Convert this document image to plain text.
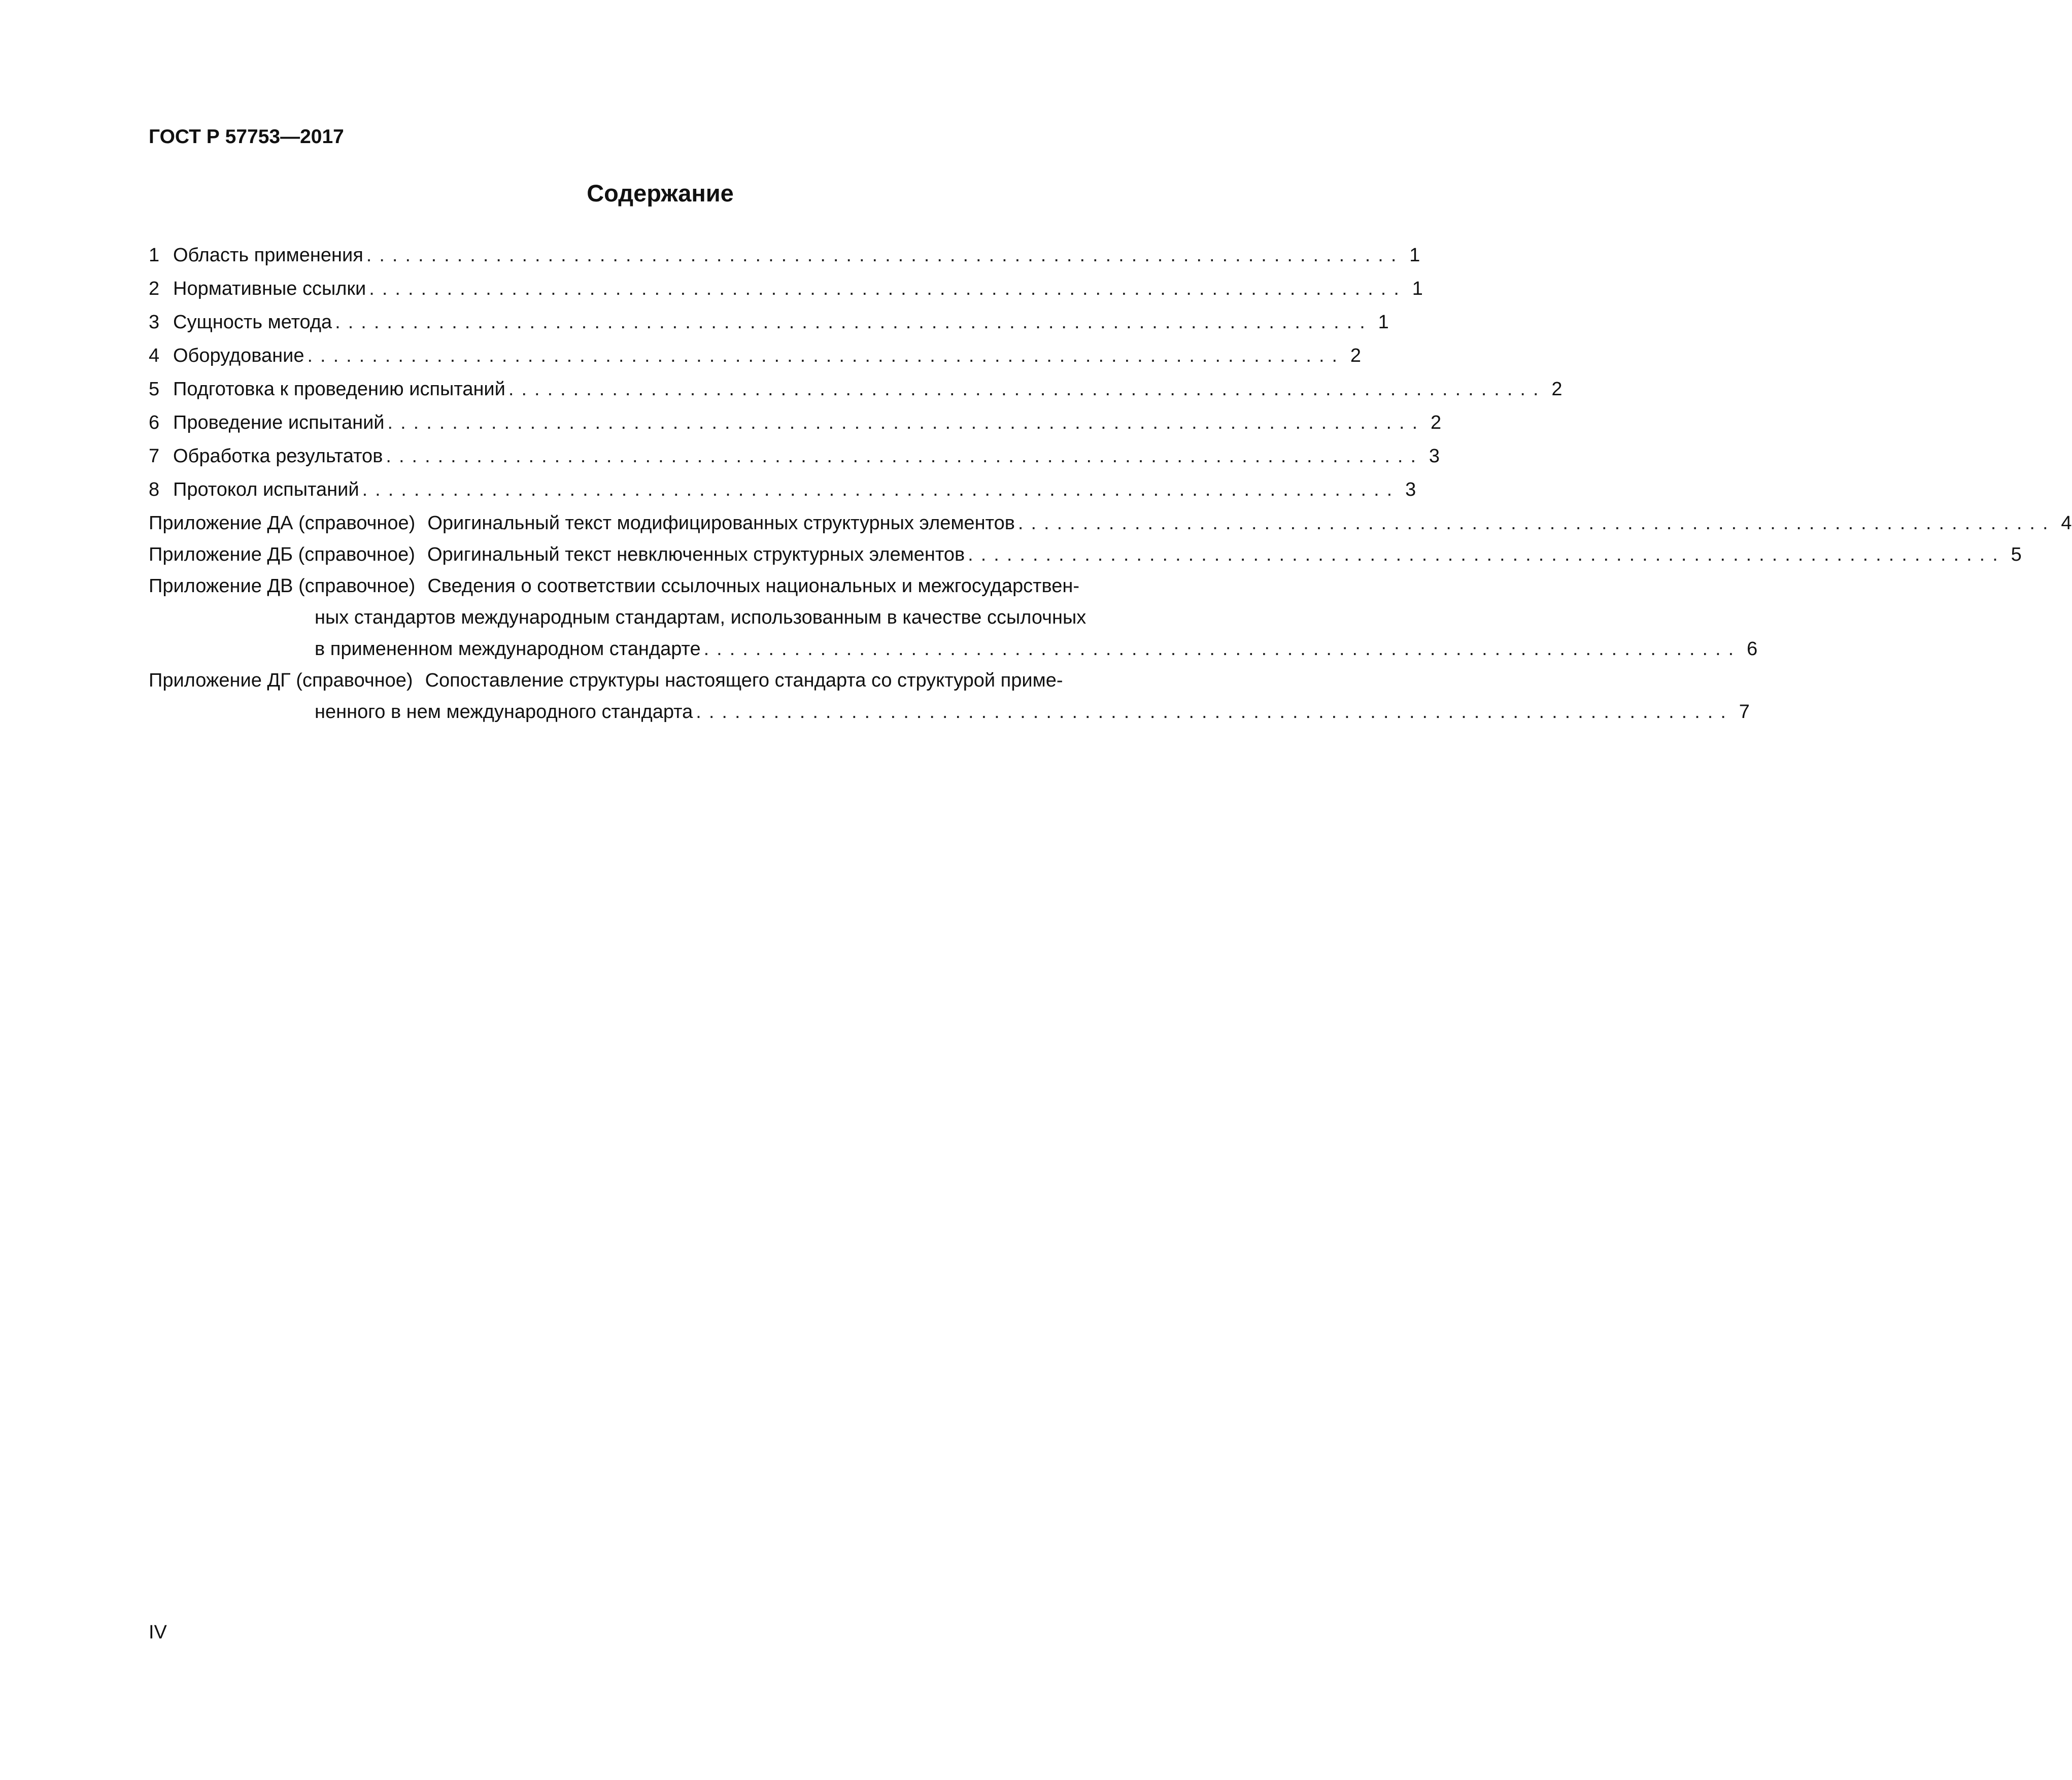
ГОСТ Р 57753—2017
Содержание
1 Область применения ................................................................................ 1
2 Нормативные ссылки ................................................................................ 1
3 Сущность метода ................................................................................ 1
4 Оборудование ................................................................................ 2
5 Подготовка к проведению испытаний ................................................................................ 2
6 Проведение испытаний ................................................................................ 2
7 Обработка результатов ................................................................................ 3
8 Протокол испытаний ................................................................................ 3
Приложение ДА (справочное) Оригинальный текст модифицированных структурных элементов ................................................................................ 4
Приложение ДБ (справочное) Оригинальный текст невключенных структурных элементов ................................................................................ 5
Приложение ДВ (справочное) Сведения о соответствии ссылочных национальных и межгосударствен-
ных стандартов международным стандартам, использованным в качестве ссылочных
в примененном международном стандарте ................................................................................ 6
Приложение ДГ (справочное) Сопоставление структуры настоящего стандарта со структурой приме-
ненного в нем международного стандарта ................................................................................ 7
IV
